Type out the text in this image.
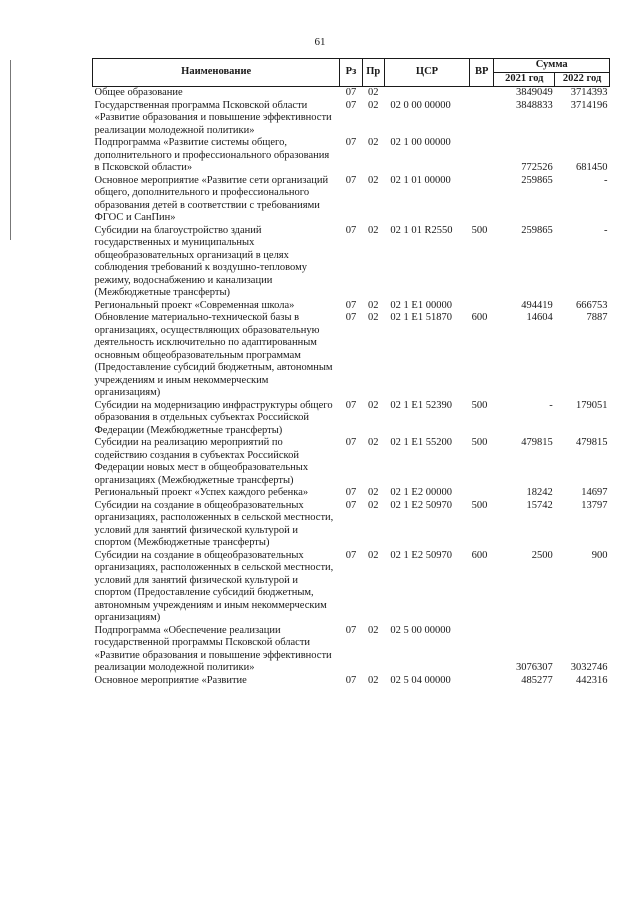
61
Наименование	Рз	Пр	ЦСР	ВР	Сумма	
					2021 год	2022 год
Общее образование	07	02			3849049	3714393
Государственная программа Псковской области «Развитие образования и повышение эффективности реализации молодежной политики»	07	02	02 0 00 00000		3848833	3714196
Подпрограмма «Развитие системы общего, дополнительного и профессионального образования в Псковской области»	07	02	02 1 00 00000		772526	681450
Основное мероприятие «Развитие сети организаций общего, дополнительного и профессионального образования детей в соответствии с требованиями ФГОС и СанПин»	07	02	02 1 01 00000		259865	-
Субсидии на благоустройство зданий государственных и муниципальных общеобразовательных организаций в целях соблюдения требований к воздушно-тепловому режиму, водоснабжению и канализации (Межбюджетные трансферты)	07	02	02 1 01 R2550	500	259865	-
Региональный проект «Современная школа»	07	02	02 1 E1 00000		494419	666753
Обновление материально-технической базы в организациях, осуществляющих образовательную деятельность исключительно по адаптированным основным общеобразовательным программам (Предоставление субсидий бюджетным, автономным учреждениям и иным некоммерческим организациям)	07	02	02 1 E1 51870	600	14604	7887
Субсидии на модернизацию инфраструктуры общего образования в отдельных субъектах Российской Федерации (Межбюджетные трансферты)	07	02	02 1 E1 52390	500	-	179051
Субсидии на реализацию мероприятий по содействию создания в субъектах Российской Федерации новых мест в общеобразовательных организациях (Межбюджетные трансферты)	07	02	02 1 E1 55200	500	479815	479815
Региональный проект «Успех каждого ребенка»	07	02	02 1 E2 00000		18242	14697
Субсидии на создание в общеобразовательных организациях, расположенных в сельской местности, условий для занятий физической культурой и спортом (Межбюджетные трансферты)	07	02	02 1 E2 50970	500	15742	13797
Субсидии на создание в общеобразовательных организациях, расположенных в сельской местности, условий для занятий физической культурой и спортом (Предоставление субсидий бюджетным, автономным учреждениям и иным некоммерческим организациям)	07	02	02 1 E2 50970	600	2500	900
Подпрограмма «Обеспечение реализации государственной программы Псковской области «Развитие образования и повышение эффективности реализации молодежной политики»	07	02	02 5 00 00000		3076307	3032746
Основное мероприятие «Развитие	07	02	02 5 04 00000		485277	442316
